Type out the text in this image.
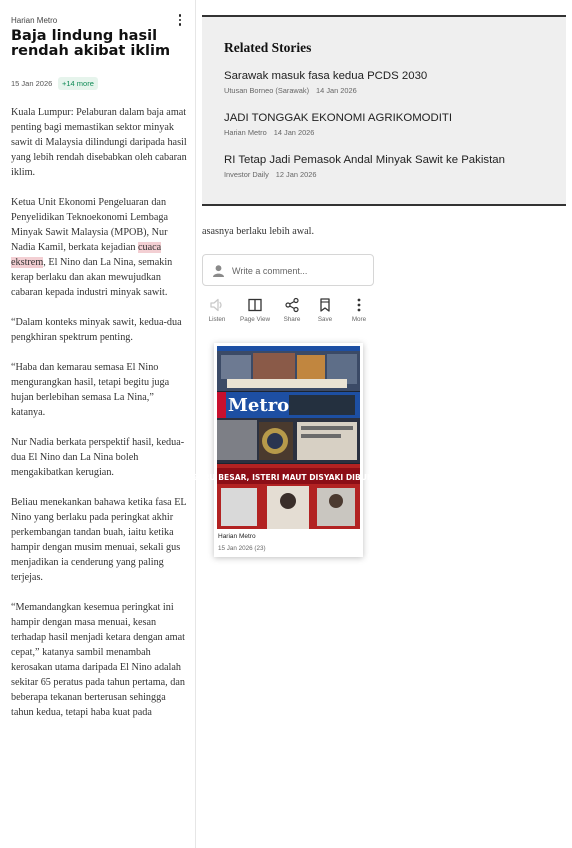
Harian Metro
Baja lindung hasil rendah akibat iklim
15 Jan 2026	+14 more

Kuala Lumpur: Pelaburan dalam baja amat penting bagi memastikan sektor minyak sawit di Malaysia dilindungi daripada hasil yang lebih rendah disebabkan oleh cabaran iklim.

Ketua Unit Ekonomi Pengeluaran dan Penyelidikan Teknoekonomi Lembaga Minyak Sawit Malaysia (MPOB), Nur Nadia Kamil, berkata kejadian cuaca ekstrem, El Nino dan La Nina, semakin kerap berlaku dan akan mewujudkan cabaran kepada industri minyak sawit.

“Dalam konteks minyak sawit, kedua-dua pengkhiran spektrum penting.

“Haba dan kemarau semasa El Nino mengurangkan hasil, tetapi begitu juga hujan berlebihan semasa La Nina,” katanya.

Nur Nadia berkata perspektif hasil, kedua-dua El Nino dan La Nina boleh mengakibatkan kerugian.

Beliau menekankan bahawa ketika fasa EL Nino yang berlaku pada peringkat akhir perkembangan tandan buah, iaitu ketika hampir dengan musim menuai, sekali gus menjadikan ia cenderung yang paling terjejas.

“Memandangkan kesemua peringkat ini hampir dengan masa menuai, kesan terhadap hasil menjadi ketara dengan amat cepat,” katanya sambil menambah kerosakan utama daripada El Nino adalah sekitar 65 peratus pada tahun pertama, dan beberapa tekanan berterusan sehingga tahun kedua, tetapi haba kuat pada

Related Stories
Sarawak masuk fasa kedua PCDS 2030
Utusan Borneo (Sarawak) 14 Jan 2026
JADI TONGGAK EKONOMI AGRIKOMODITI
Harian Metro 14 Jan 2026
RI Tetap Jadi Pemasok Andal Minyak Sawit ke Pakistan
Investor Daily 12 Jan 2026
asasnya berlaku lebih awal.
Write a comment...
Listen	Page View	Share	Save	More
Metro
GURU BESAR, ISTERI MAUT DISYAKI DIBUNUH
Harian Metro
15 Jan 2026 (23)
